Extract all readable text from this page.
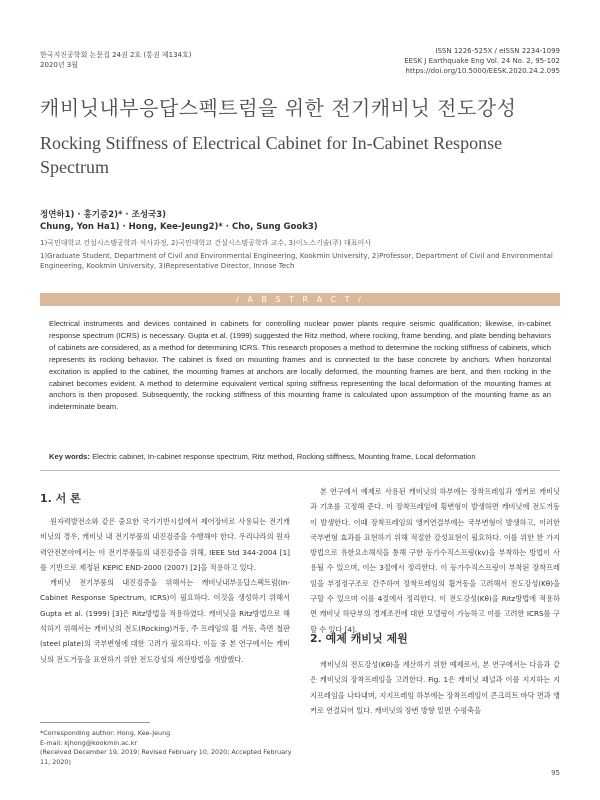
한국지진공학회 논문집 24권 2호 (통권 제134호)
2020년 3월
ISSN 1226-525X / eISSN 2234-1099
EESK J Earthquake Eng Vol. 24 No. 2, 95-102
https://doi.org/10.5000/EESK.2020.24.2.095
캐비닛내부응답스펙트럼을 위한 전기캐비닛 전도강성
Rocking Stiffness of Electrical Cabinet for In-Cabinet Response Spectrum
정연하1) · 홍기증2)* · 조성국3)
Chung, Yon Ha1) · Hong, Kee-Jeung2)* · Cho, Sung Gook3)
1)국민대학교 건설시스템공학과 석사과정, 2)국민대학교 건설시스템공학과 교수, 3)이노스기술(주) 대표이사
1)Graduate Student, Department of Civil and Environmental Engineering, Kookmin University, 2)Professor, Department of Civil and Environmental Engineering, Kookmin University, 3)Representative Director, Innose Tech
/ A B S T R A C T /
Electrical instruments and devices contained in cabinets for controlling nuclear power plants require seismic qualification; likewise, in-cabinet response spectrum (ICRS) is necessary. Gupta et al. (1999) suggested the Ritz method, where rocking, frame bending, and plate bending behaviors of cabinets are considered, as a method for determining ICRS. This research proposes a method to determine the rocking stiffness of cabinets, which represents its rocking behavior. The cabinet is fixed on mounting frames and is connected to the base concrete by anchors. When horizontal excitation is applied to the cabinet, the mounting frames at anchors are locally deformed, the mounting frames are bent, and then rocking in the cabinet becomes evident. A method to determine equivalent vertical spring stiffness representing the local deformation of the mounting frames at anchors is then proposed. Subsequently, the rocking stiffness of this mounting frame is calculated upon assumption of the mounting frame as an indeterminate beam.
Key words: Electric cabinet, In-cabinet response spectrum, Ritz method, Rocking stiffness, Mounting frame, Local deformation
1. 서 론

원자력발전소와 같은 중요한 국가기반시설에서 제어장비로 사용되는 전기캐비닛의 경우, 캐비닛 내 전기부품의 내진검증을 수행해야 한다. 우리나라의 원자력안전본아에서는 이 전기부품들의 내진검증을 위해, IEEE Std 344-2004 [1]를 기반으로 제정된 KEPIC END-2000 (2007) [2]을 적용하고 있다.

캐비닛 전기부품의 내진검증을 위해서는 캐비닛내부응답스펙트럼(In-Cabinet Response Spectrum, ICRS)이 필요하다. 이것을 생성하기 위해서 Gupta et al. (1999) [3]은 Ritz방법을 적용하였다. 캐비닛을 Ritz방법으로 해석하기 위해서는 캐비닛의 전도(Rocking)거동, 주 프레임의 휨 거동, 측면 철판(steel plate)의 국부변형에 대한 고려가 필요하다. 이들 중 본 연구에서는 캐비닛의 전도거동을 표현하기 위한 전도강성의 계산방법을 개발했다.

본 연구에서 예제로 사용된 캐비닛의 하부에는 장착프레임과 앵커로 캐비닛과 기초를 고정해 준다. 이 장착프레임에 횡변형이 발생하면 캐비닛에 전도거동이 발생한다. 이때 장착프레임의 앵커연결부에는 국부변형이 발생하고, 이러한 국부변형 효과를 표현하기 위해 적절한 강성표현이 필요하다. 이를 위한 한 가지 방법으로 유한요소해석을 통해 구한 등가수직스프링(kv)을 부착하는 방법이 사용될 수 있으며, 이는 3절에서 정리한다. 이 등가수직스프링이 부착된 장착프레임을 부정정구조로 간주하여 장착프레임의 휨거동을 고려해서 전도강성(Kθ)을 구할 수 있으며 이를 4절에서 정리한다. 이 전도강성(Kθ)을 Ritz방법에 적용하면 캐비닛 하단부의 경계조건에 대한 모델링이 가능하고 이를 고려한 ICRS를 구할 수 있다 [4].

2. 예제 캐비닛 제원

캐비닛의 전도강성(Kθ)을 계산하기 위한 예제로서, 본 연구에서는 다음과 같은 캐비닛의 장착프레임을 고려한다. Fig. 1은 캐비닛 패널과 이를 지지하는 지지프레임을 나타내며, 지지프레임 하부에는 장착프레임이 콘크리트 바닥 면과 앵커로 연결되어 있다. 캐비닛의 장변 방향 밑면 수평축을

*Corresponding author: Hong, Kee-Jeung
E-mail: kjhong@kookmin.ac.kr
(Received December 19, 2019; Revised February 10, 2020; Accepted February 11, 2020)
95
